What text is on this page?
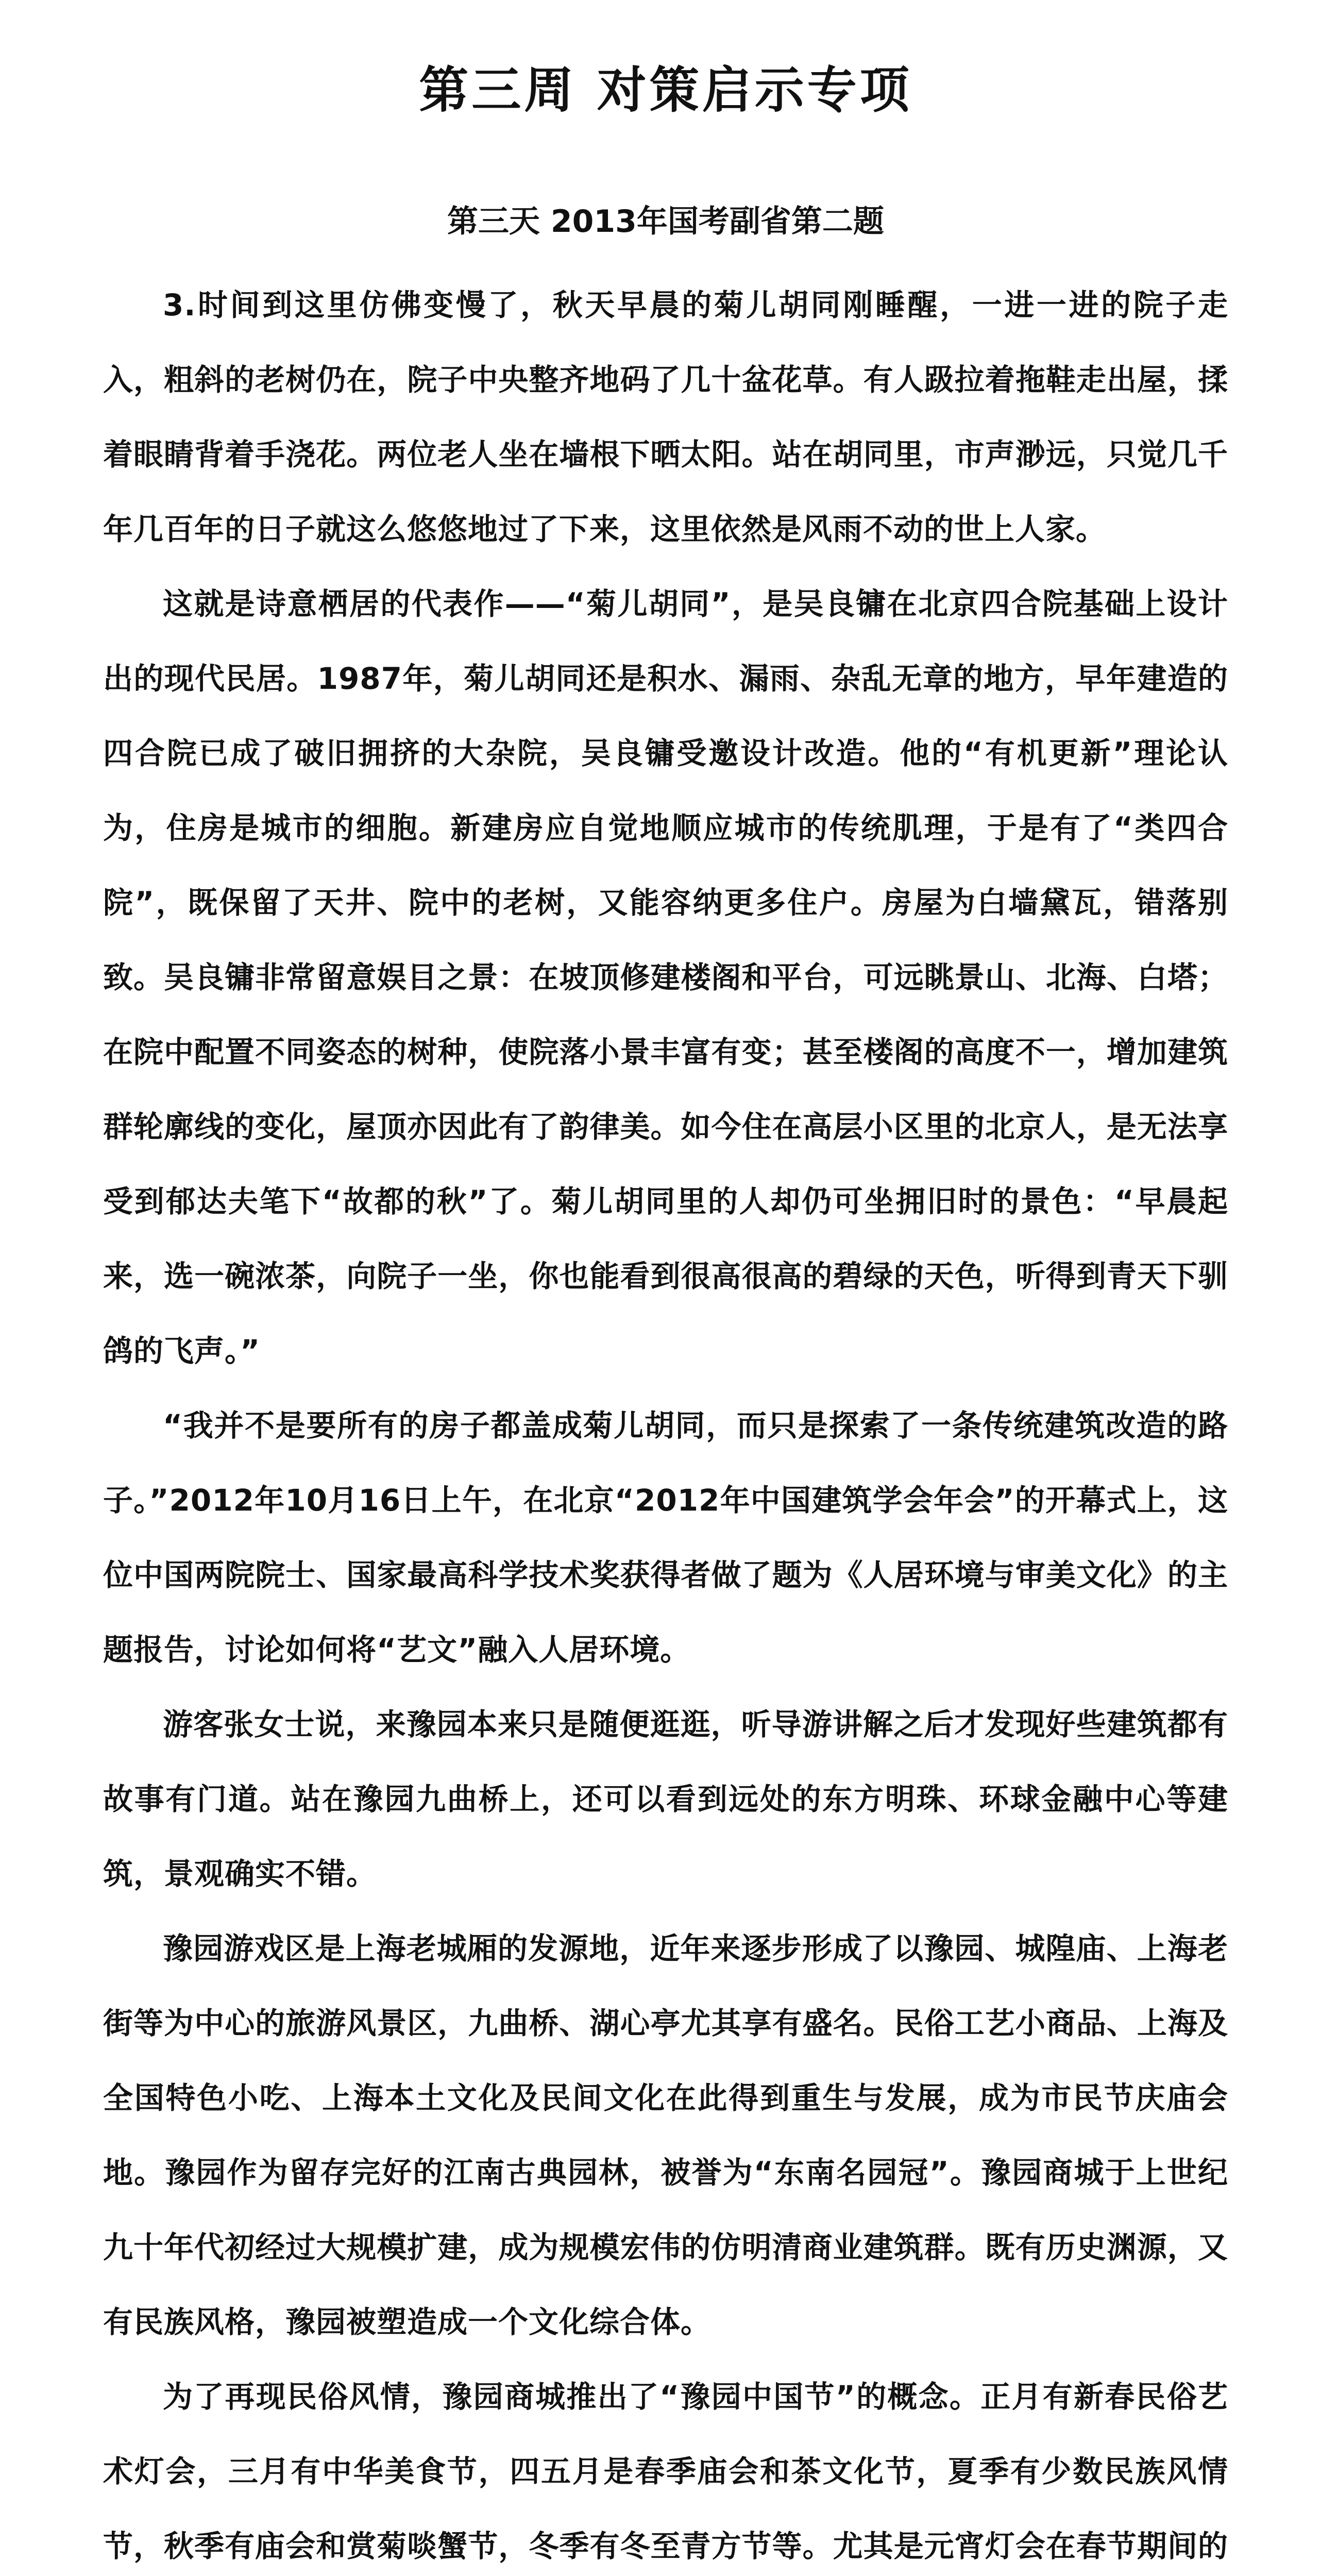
第三周 对策启示专项
第三天 2013年国考副省第二题

3.时间到这里仿佛变慢了，秋天早晨的菊儿胡同刚睡醒，一进一进的院子走入，粗斜的老树仍在，院子中央整齐地码了几十盆花草。有人趿拉着拖鞋走出屋，揉着眼睛背着手浇花。两位老人坐在墙根下晒太阳。站在胡同里，市声渺远，只觉几千年几百年的日子就这么悠悠地过了下来，这里依然是风雨不动的世上人家。

这就是诗意栖居的代表作——“菊儿胡同”，是吴良镛在北京四合院基础上设计出的现代民居。1987年，菊儿胡同还是积水、漏雨、杂乱无章的地方，早年建造的四合院已成了破旧拥挤的大杂院，吴良镛受邀设计改造。他的“有机更新”理论认为，住房是城市的细胞。新建房应自觉地顺应城市的传统肌理，于是有了“类四合院”，既保留了天井、院中的老树，又能容纳更多住户。房屋为白墙黛瓦，错落别致。吴良镛非常留意娱目之景：在坡顶修建楼阁和平台，可远眺景山、北海、白塔；在院中配置不同姿态的树种，使院落小景丰富有变；甚至楼阁的高度不一，增加建筑群轮廓线的变化，屋顶亦因此有了韵律美。如今住在高层小区里的北京人，是无法享受到郁达夫笔下“故都的秋”了。菊儿胡同里的人却仍可坐拥旧时的景色：“早晨起来，选一碗浓茶，向院子一坐，你也能看到很高很高的碧绿的天色，听得到青天下驯鸽的飞声。”

“我并不是要所有的房子都盖成菊儿胡同，而只是探索了一条传统建筑改造的路子。”2012年10月16日上午，在北京“2012年中国建筑学会年会”的开幕式上，这位中国两院院士、国家最高科学技术奖获得者做了题为《人居环境与审美文化》的主题报告，讨论如何将“艺文”融入人居环境。

游客张女士说，来豫园本来只是随便逛逛，听导游讲解之后才发现好些建筑都有故事有门道。站在豫园九曲桥上，还可以看到远处的东方明珠、环球金融中心等建筑，景观确实不错。

豫园游戏区是上海老城厢的发源地，近年来逐步形成了以豫园、城隍庙、上海老街等为中心的旅游风景区，九曲桥、湖心亭尤其享有盛名。民俗工艺小商品、上海及全国特色小吃、上海本土文化及民间文化在此得到重生与发展，成为市民节庆庙会地。豫园作为留存完好的江南古典园林，被誉为“东南名园冠”。豫园商城于上世纪九十年代初经过大规模扩建，成为规模宏伟的仿明清商业建筑群。既有历史渊源，又有民族风格，豫园被塑造成一个文化综合体。

为了再现民俗风情，豫园商城推出了“豫园中国节”的概念。正月有新春民俗艺术灯会，三月有中华美食节，四五月是春季庙会和茶文化节，夏季有少数民族风情节，秋季有庙会和赏菊啖蟹节，冬季有冬至青方节等。尤其是元宵灯会在春节期间的
